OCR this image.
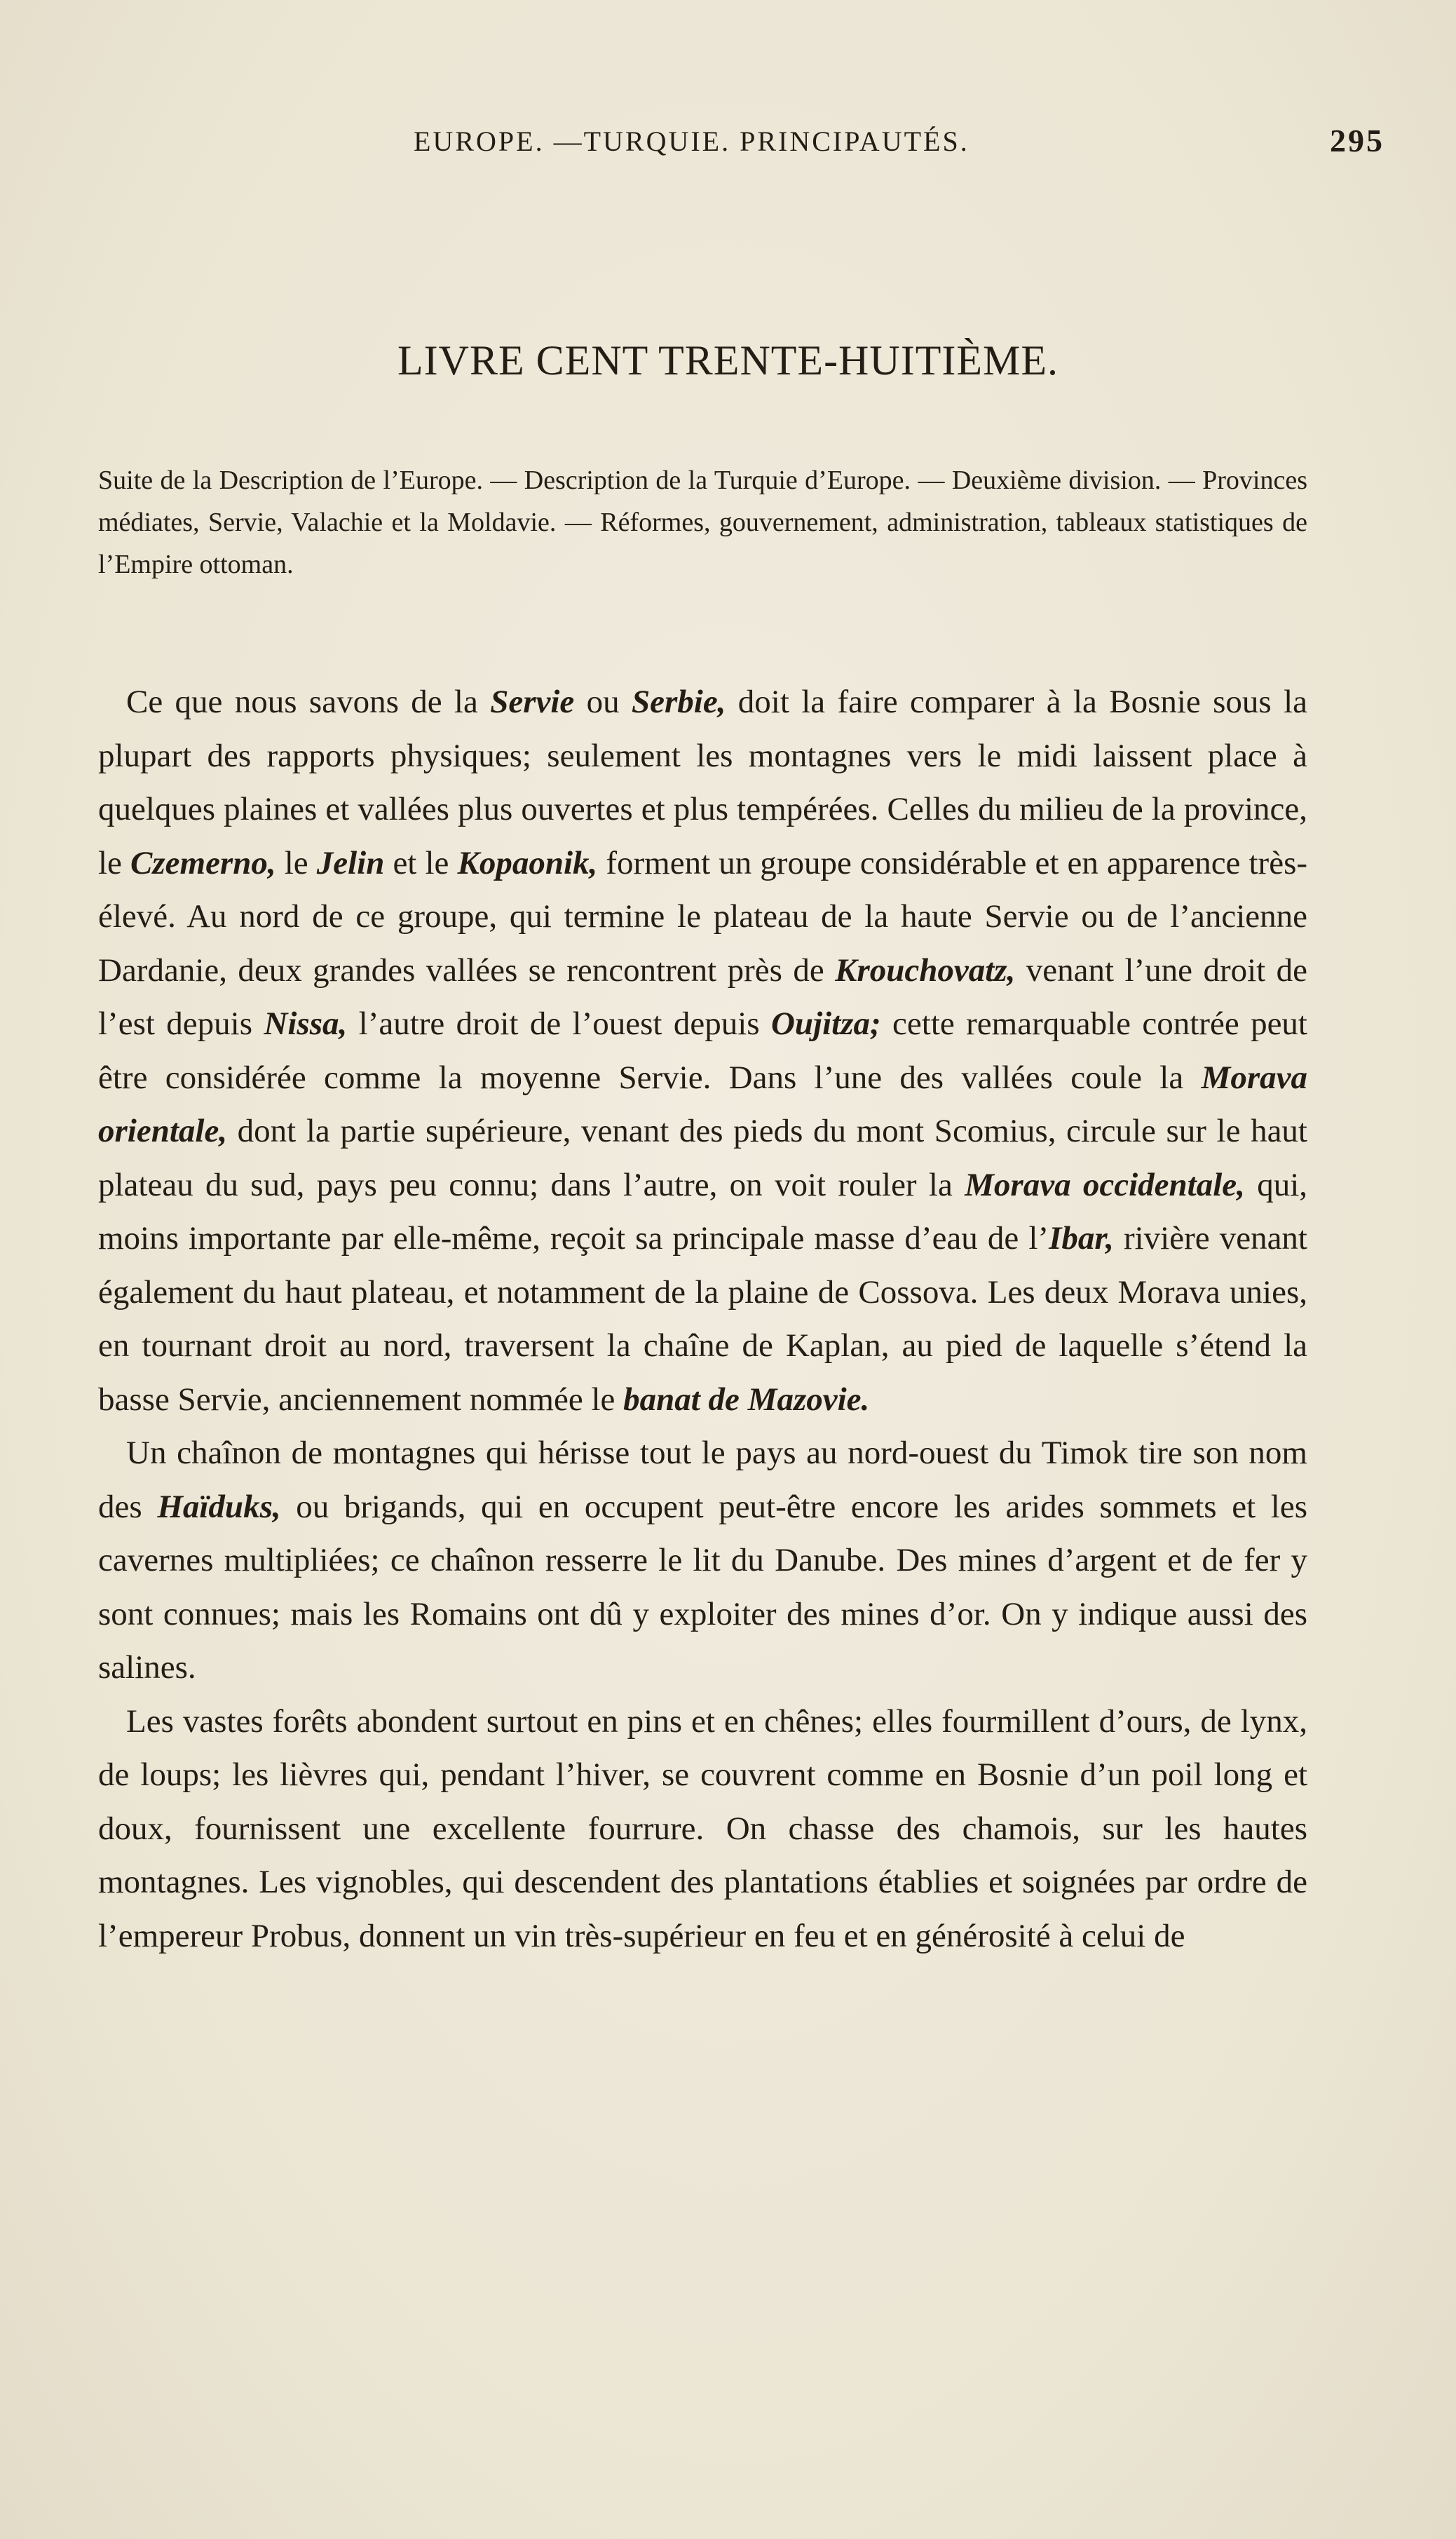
EUROPE. —TURQUIE. PRINCIPAUTÉS.	295
LIVRE CENT TRENTE-HUITIÈME.
Suite de la Description de l’Europe. — Description de la Turquie d’Europe. — Deuxième division. — Provinces médiates, Servie, Valachie et la Moldavie. — Réformes, gouvernement, administration, tableaux statistiques de l’Empire ottoman.

Ce que nous savons de la Servie ou Serbie, doit la faire comparer à la Bosnie sous la plupart des rapports physiques; seulement les montagnes vers le midi laissent place à quelques plaines et vallées plus ouvertes et plus tempérées. Celles du milieu de la province, le Czemerno, le Jelin et le Kopaonik, forment un groupe considérable et en apparence très-élevé. Au nord de ce groupe, qui termine le plateau de la haute Servie ou de l’ancienne Dardanie, deux grandes vallées se rencontrent près de Krouchovatz, venant l’une droit de l’est depuis Nissa, l’autre droit de l’ouest depuis Oujitza; cette remarquable contrée peut être considérée comme la moyenne Servie. Dans l’une des vallées coule la Morava orientale, dont la partie supérieure, venant des pieds du mont Scomius, circule sur le haut plateau du sud, pays peu connu; dans l’autre, on voit rouler la Morava occidentale, qui, moins importante par elle-même, reçoit sa principale masse d’eau de l’Ibar, rivière venant également du haut plateau, et notamment de la plaine de Cossova. Les deux Morava unies, en tournant droit au nord, traversent la chaîne de Kaplan, au pied de laquelle s’étend la basse Servie, anciennement nommée le banat de Mazovie.

Un chaînon de montagnes qui hérisse tout le pays au nord-ouest du Timok tire son nom des Haïduks, ou brigands, qui en occupent peut-être encore les arides sommets et les cavernes multipliées; ce chaînon resserre le lit du Danube. Des mines d’argent et de fer y sont connues; mais les Romains ont dû y exploiter des mines d’or. On y indique aussi des salines.

Les vastes forêts abondent surtout en pins et en chênes; elles fourmillent d’ours, de lynx, de loups; les lièvres qui, pendant l’hiver, se couvrent comme en Bosnie d’un poil long et doux, fournissent une excellente fourrure. On chasse des chamois, sur les hautes montagnes. Les vignobles, qui descendent des plantations établies et soignées par ordre de l’empereur Probus, donnent un vin très-supérieur en feu et en générosité à celui de
